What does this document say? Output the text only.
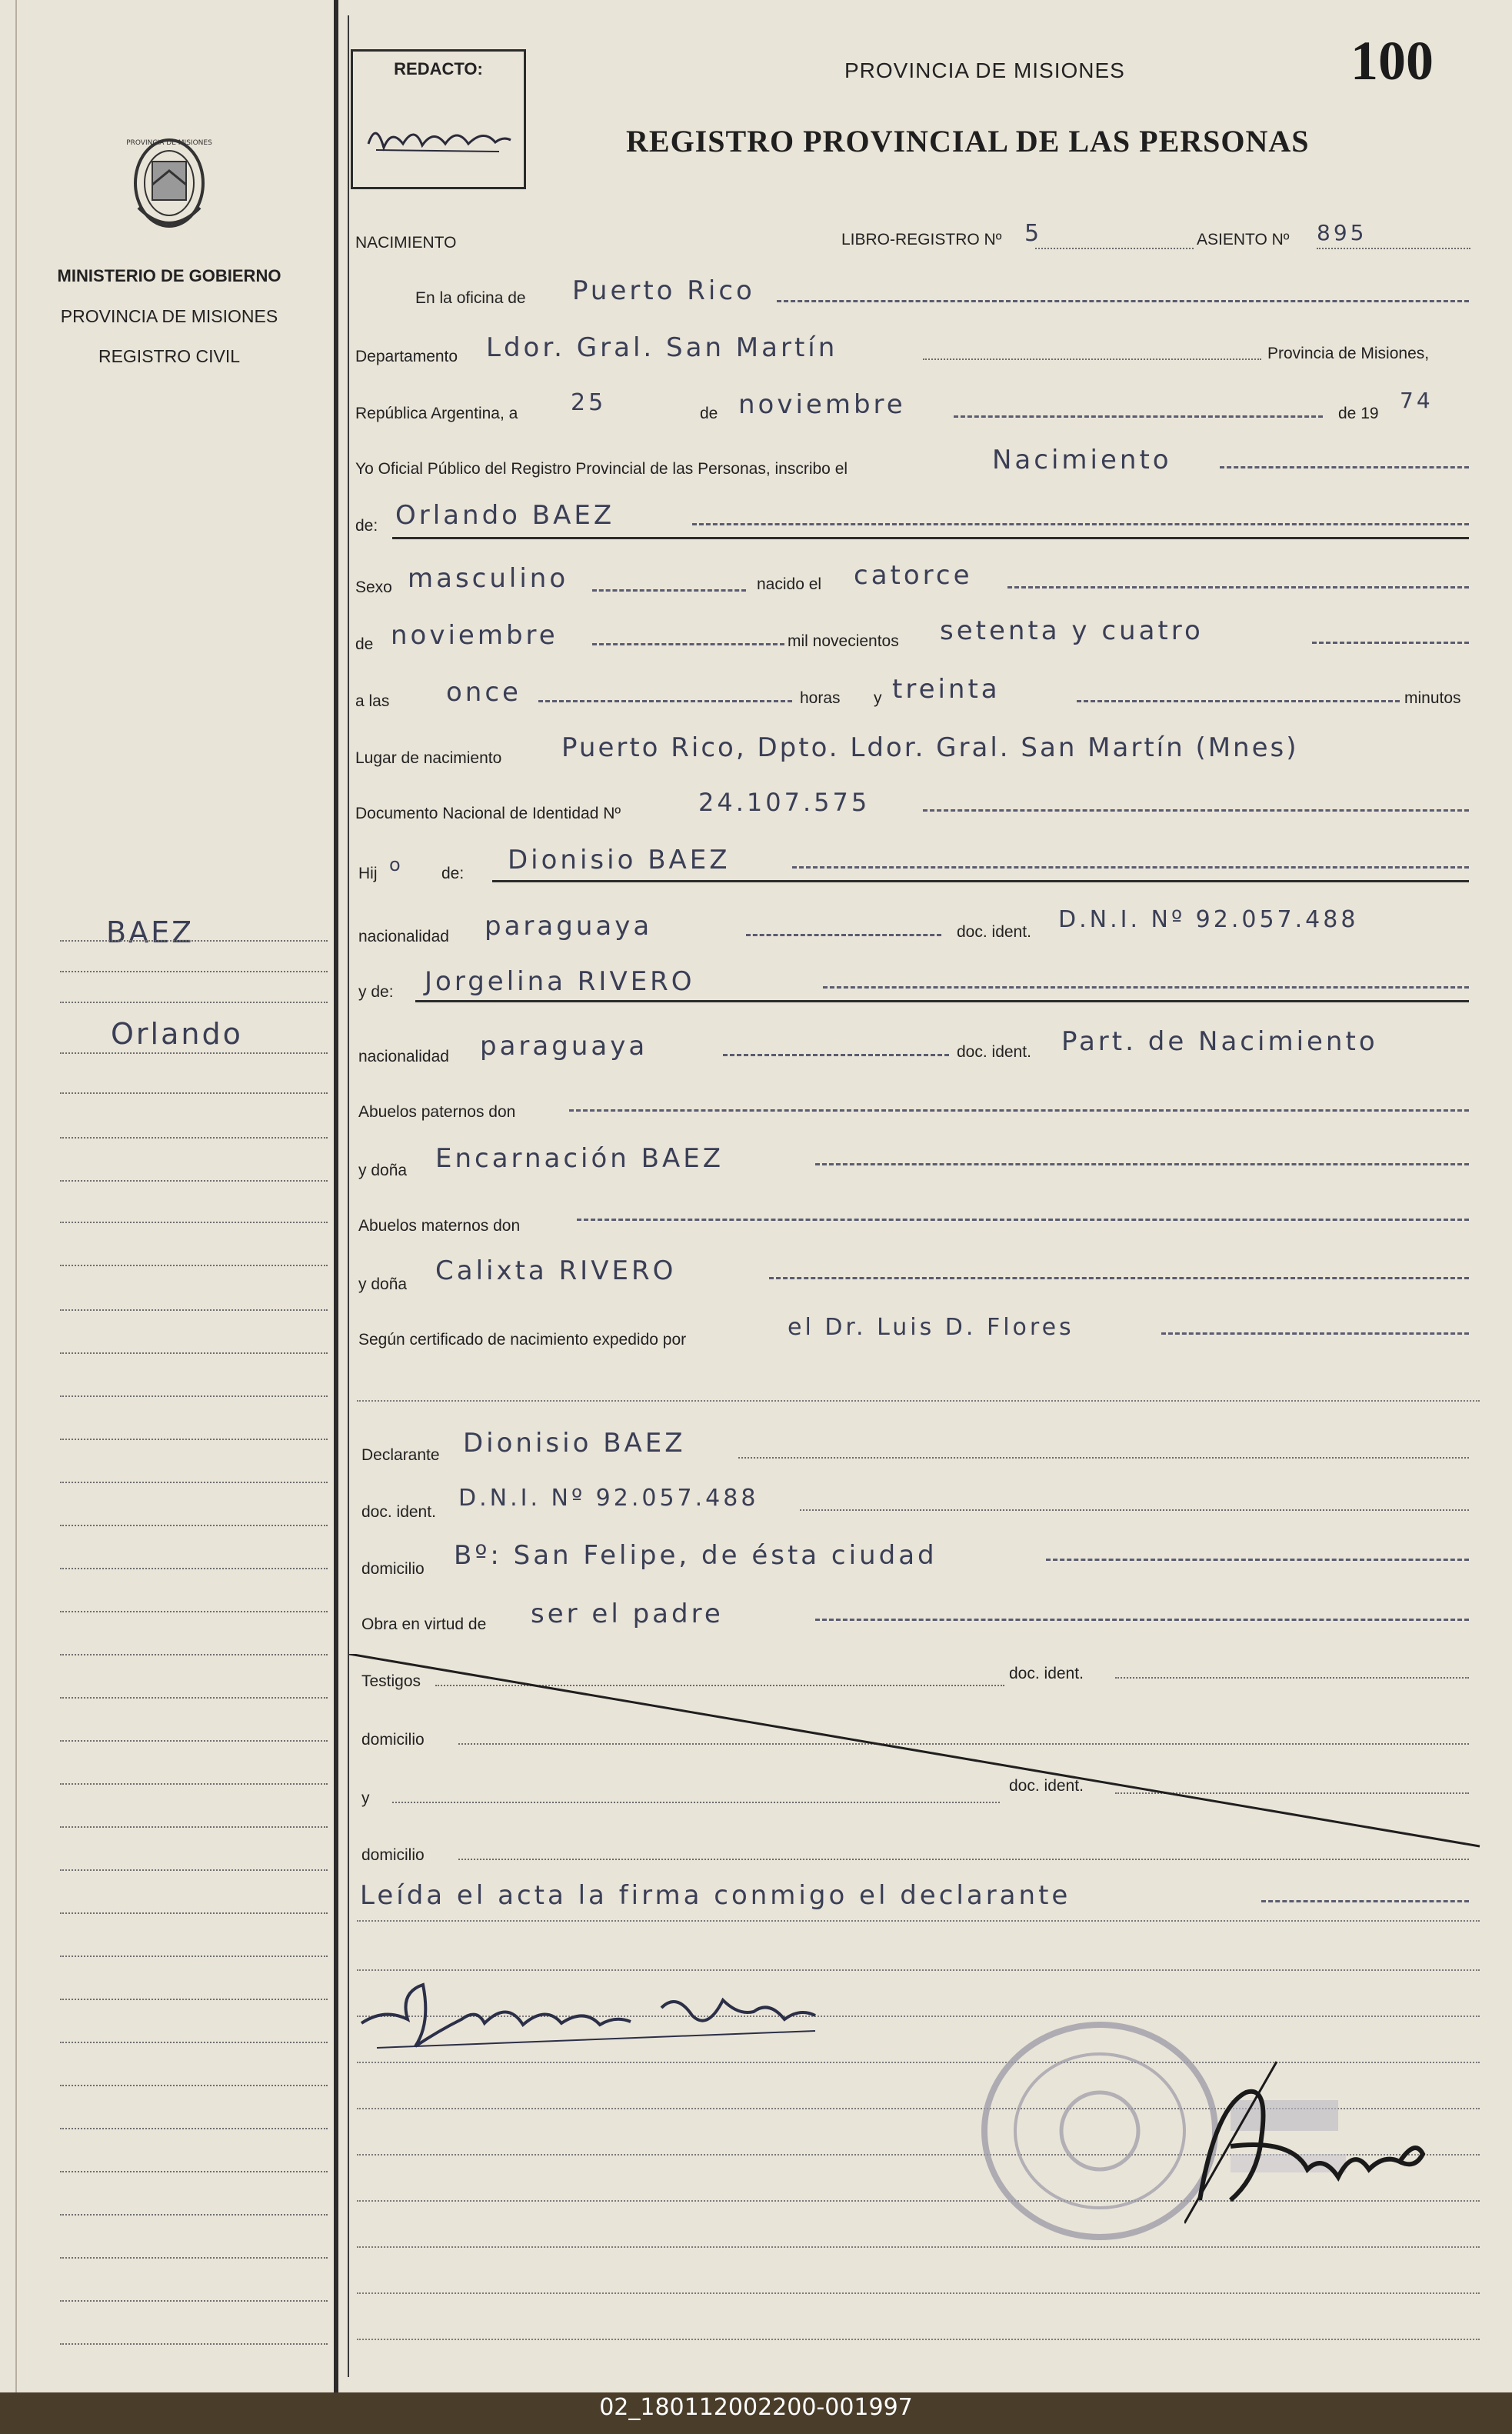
PROVINCIA DE MISIONES
MINISTERIO DE GOBIERNO
PROVINCIA DE MISIONES
REGISTRO CIVIL
BAEZ
Orlando
REDACTO:	PROVINCIA DE MISIONES
REGISTRO PROVINCIAL DE LAS PERSONAS
100
NACIMIENTO	LIBRO-REGISTRO Nº 5	ASIENTO Nº 895
En la oficina de Puerto Rico
Departamento Ldor. Gral. San Martín	Provincia de Misiones,
República Argentina, a 25	de noviembre	de 19
74
Yo Oficial Público del Registro Provincial de las Personas, inscribo el	Nacimiento
de: Orlando BAEZ
Sexo masculino	nacido el catorce
de noviembre	mil novecientos setenta y cuatro
a las once	horas y treinta	minutos
Lugar de nacimiento Puerto Rico, Dpto. Ldor. Gral. San Martín (Mnes)
Documento Nacional de Identidad Nº	24.107.575
Hij o de: Dionisio BAEZ
nacionalidad paraguaya	doc. ident. D.N.I. Nº 92.057.488
y de: Jorgelina RIVERO
nacionalidad paraguaya	doc. ident. Part. de Nacimiento
Abuelos paternos don
y doña Encarnación BAEZ
Abuelos maternos don
y doña Calixta RIVERO
Según certificado de nacimiento expedido por	el Dr. Luis D. Flores
Declarante Dionisio BAEZ
doc. ident.
D.N.I. Nº 92.057.488
domicilio Bº: San Felipe, de ésta ciudad
Obra en virtud de ser el padre
Testigos	doc. ident.
domicilio
y
doc. ident.
domicilio
Leída el acta la firma conmigo el declarante
02_180112002200-001997
